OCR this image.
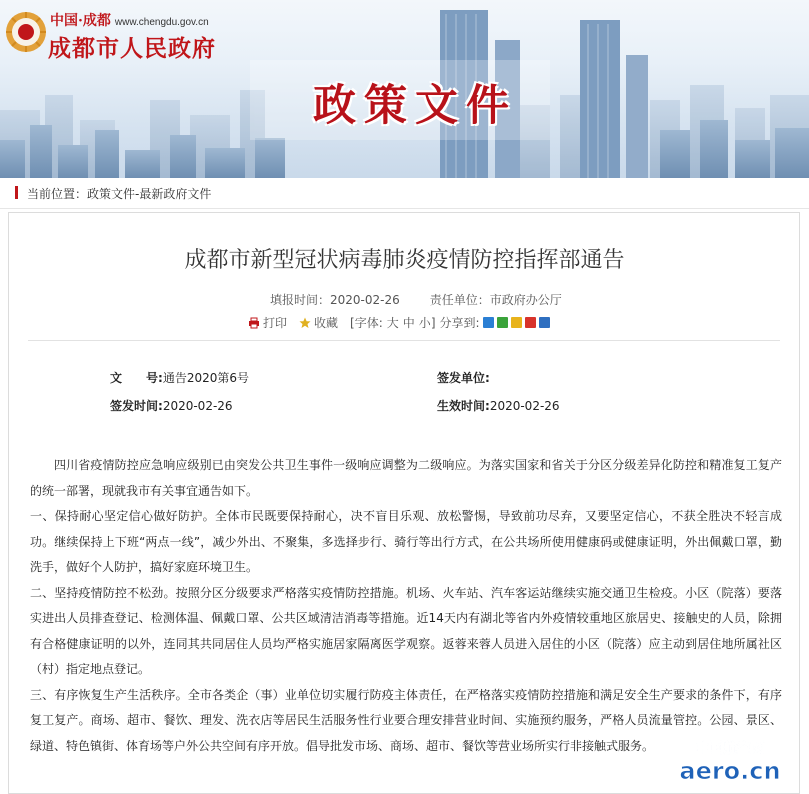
中国·成都 www.chengdu.gov.cn
成都市人民政府
政策文件
当前位置：政策文件-最新政府文件
成都市新型冠状病毒肺炎疫情防控指挥部通告
填报时间：2020-02-26	责任单位：市政府办公厅
打印 收藏 [字体: 大 中 小 ] 分享到:
文　　号:通告2020第6号	签发单位:
签发时间:2020-02-26	生效时间:2020-02-26

四川省疫情防控应急响应级别已由突发公共卫生事件一级响应调整为二级响应。为落实国家和省关于分区分级差异化防控和精准复工复产的统一部署，现就我市有关事宜通告如下。

一、保持耐心坚定信心做好防护。全体市民既要保持耐心，决不盲目乐观、放松警惕，导致前功尽弃，又要坚定信心，不获全胜决不轻言成功。继续保持上下班“两点一线”，减少外出、不聚集，多选择步行、骑行等出行方式，在公共场所使用健康码或健康证明，外出佩戴口罩，勤洗手，做好个人防护，搞好家庭环境卫生。

二、坚持疫情防控不松劲。按照分区分级要求严格落实疫情防控措施。机场、火车站、汽车客运站继续实施交通卫生检疫。小区（院落）要落实进出人员排查登记、检测体温、佩戴口罩、公共区域清洁消毒等措施。近14天内有湖北等省内外疫情较重地区旅居史、接触史的人员，除拥有合格健康证明的以外，连同其共同居住人员均严格实施居家隔离医学观察。返蓉来蓉人员进入居住的小区（院落）应主动到居住地所属社区（村）指定地点登记。

三、有序恢复生产生活秩序。全市各类企（事）业单位切实履行防疫主体责任，在严格落实疫情防控措施和满足安全生产要求的条件下，有序复工复产。商场、超市、餐饮、理发、洗衣店等居民生活服务性行业要合理安排营业时间、实施预约服务，严格人员流量管控。公园、景区、绿道、特色镇街、体育场等户外公共空间有序开放。倡导批发市场、商场、超市、餐饮等营业场所实行非接触式服务。	中国航空网
aero.cn
